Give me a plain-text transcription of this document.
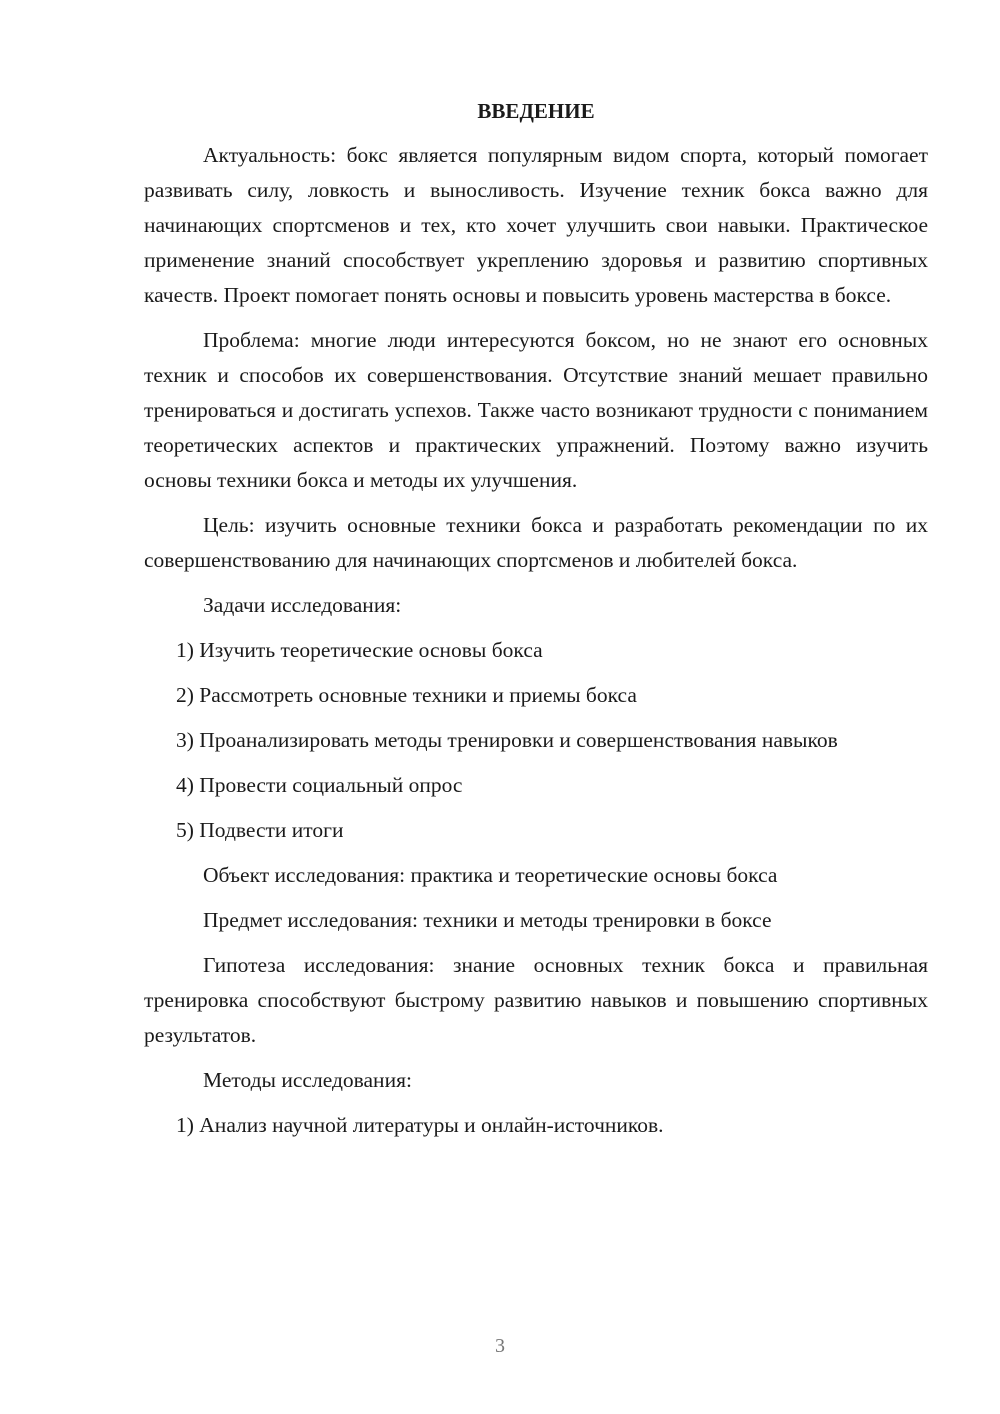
ВВЕДЕНИЕ

Актуальность: бокс является популярным видом спорта, который помогает развивать силу, ловкость и выносливость. Изучение техник бокса важно для начинающих спортсменов и тех, кто хочет улучшить свои навыки. Практическое применение знаний способствует укреплению здоровья и развитию спортивных качеств. Проект помогает понять основы и повысить уровень мастерства в боксе.

Проблема: многие люди интересуются боксом, но не знают его основных техник и способов их совершенствования. Отсутствие знаний мешает правильно тренироваться и достигать успехов. Также часто возникают трудности с пониманием теоретических аспектов и практических упражнений. Поэтому важно изучить основы техники бокса и методы их улучшения.

Цель: изучить основные техники бокса и разработать рекомендации по их совершенствованию для начинающих спортсменов и любителей бокса.

Задачи исследования:

1) Изучить теоретические основы бокса

2) Рассмотреть основные техники и приемы бокса

3) Проанализировать методы тренировки и совершенствования навыков

4) Провести социальный опрос

5) Подвести итоги

Объект исследования: практика и теоретические основы бокса

Предмет исследования: техники и методы тренировки в боксе

Гипотеза исследования: знание основных техник бокса и правильная тренировка способствуют быстрому развитию навыков и повышению спортивных результатов.

Методы исследования:

1) Анализ научной литературы и онлайн-источников.

3
